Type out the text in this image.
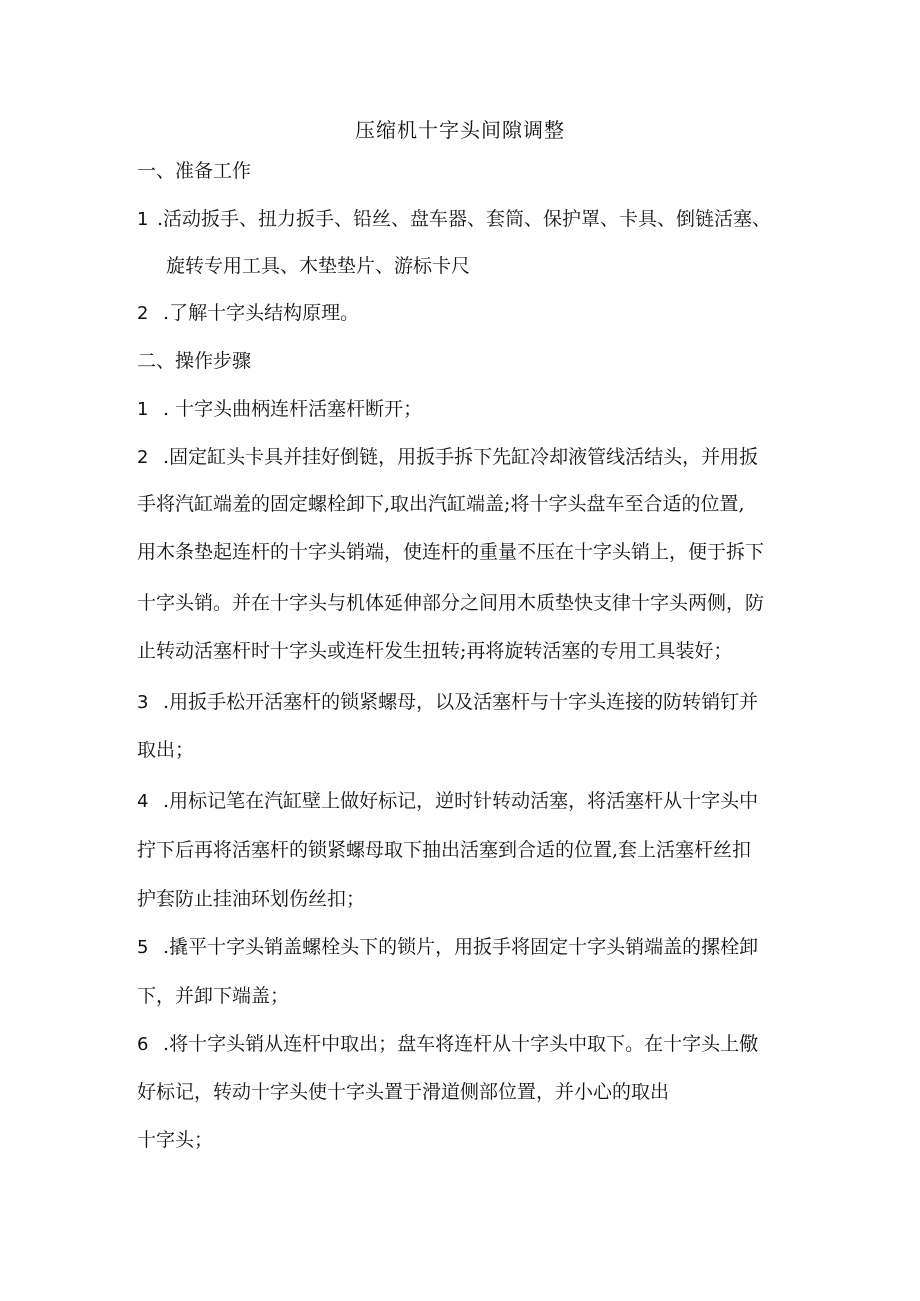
压缩机十字头间隙调整
一、准备工作
1 .活动扳手、扭力扳手、铅丝、盘车器、套筒、保护罩、卡具、倒链活塞、
旋转专用工具、木垫垫片、游标卡尺
2 .了解十字头结构原理。
二、操作步骤
1 . 十字头曲柄连杆活塞杆断开；
2 .固定缸头卡具并挂好倒链，用扳手拆下先缸冷却液管线活结头，并用扳
手将汽缸端羞的固定螺栓卸下,取出汽缸端盖;将十字头盘车至合适的位置,
用木条垫起连杆的十字头销端，使连杆的重量不压在十字头销上，便于拆下
十字头销。并在十字头与机体延伸部分之间用木质垫快支律十字头两侧，防
止转动活塞杆时十字头或连杆发生扭转;再将旋转活塞的专用工具装好；
3 .用扳手松开活塞杆的锁紧螺母，以及活塞杆与十字头连接的防转销钉并
取出；
4 .用标记笔在汽缸壁上做好标记，逆时针转动活塞，将活塞杆从十字头中
拧下后再将活塞杆的锁紧螺母取下抽出活塞到合适的位置,套上活塞杆丝扣
护套防止挂油环划伤丝扣；
5 .撬平十字头销盖螺栓头下的锁片，用扳手将固定十字头销端盖的摞栓卸
下，并卸下端盖；
6 .将十字头销从连杆中取出；盘车将连杆从十字头中取下。在十字头上儆
好标记，转动十字头使十字头置于滑道侧部位置，并小心的取出
十字头；
